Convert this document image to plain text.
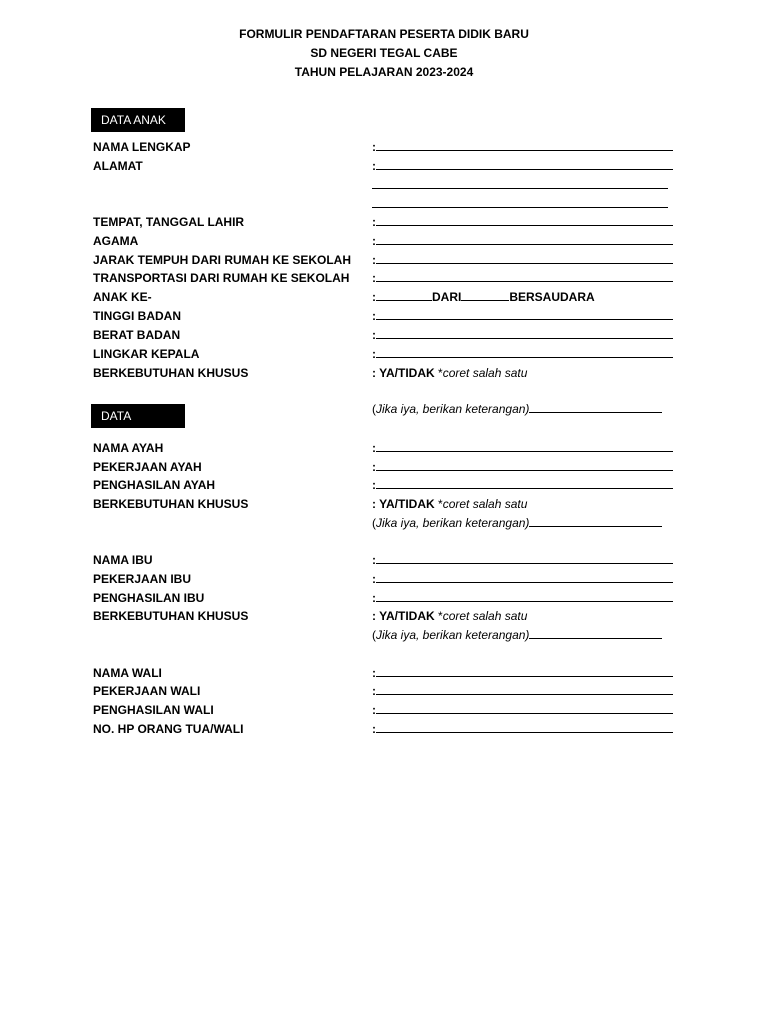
FORMULIR PENDAFTARAN PESERTA DIDIK BARU
SD NEGERI TEGAL CABE
TAHUN PELAJARAN 2023-2024
DATA ANAK
NAMA LENGKAP	:
ALAMAT	:
TEMPAT, TANGGAL LAHIR	:
AGAMA	:
JARAK TEMPUH DARI RUMAH KE SEKOLAH :
TRANSPORTASI DARI RUMAH KE SEKOLAH :
ANAK KE-	:	DARI	BERSAUDARA
TINGGI BADAN	:
BERAT BADAN	:
LINGKAR KEPALA	:
BERKEBUTUHAN KHUSUS	: YA/TIDAK *coret salah satu
DATA	(Jika iya, berikan keterangan)
NAMA AYAH	:
PEKERJAAN AYAH	:
PENGHASILAN AYAH	:
BERKEBUTUHAN KHUSUS	: YA/TIDAK *coret salah satu
(Jika iya, berikan keterangan)
NAMA IBU	:
PEKERJAAN IBU	:
PENGHASILAN IBU	:
BERKEBUTUHAN KHUSUS	: YA/TIDAK *coret salah satu
(Jika iya, berikan keterangan)
NAMA WALI	:
PEKERJAAN WALI	:
PENGHASILAN WALI	:
NO. HP ORANG TUA/WALI	:
